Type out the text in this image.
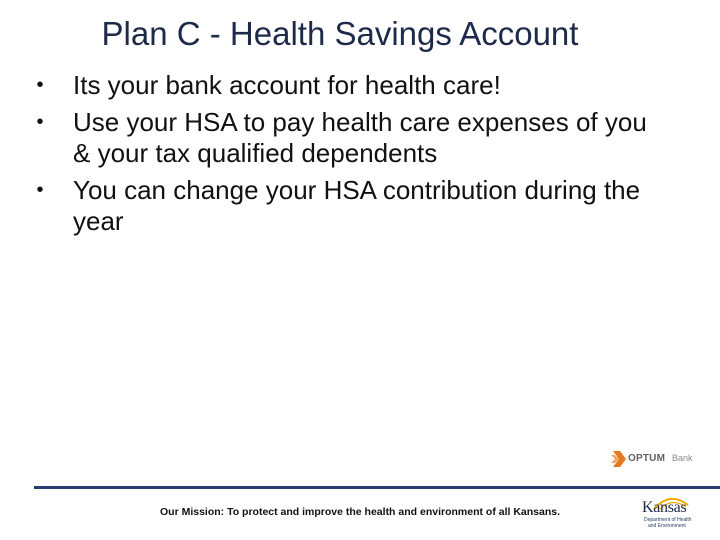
Plan C - Health Savings Account
• Its your bank account for health care!
• Use your HSA to pay health care expenses of you & your tax qualified dependents
• You can change your HSA contribution during the year
OPTUM Bank
Our Mission: To protect and improve the health and environment of all Kansans.	Kansas
Department of Health
and Environment
